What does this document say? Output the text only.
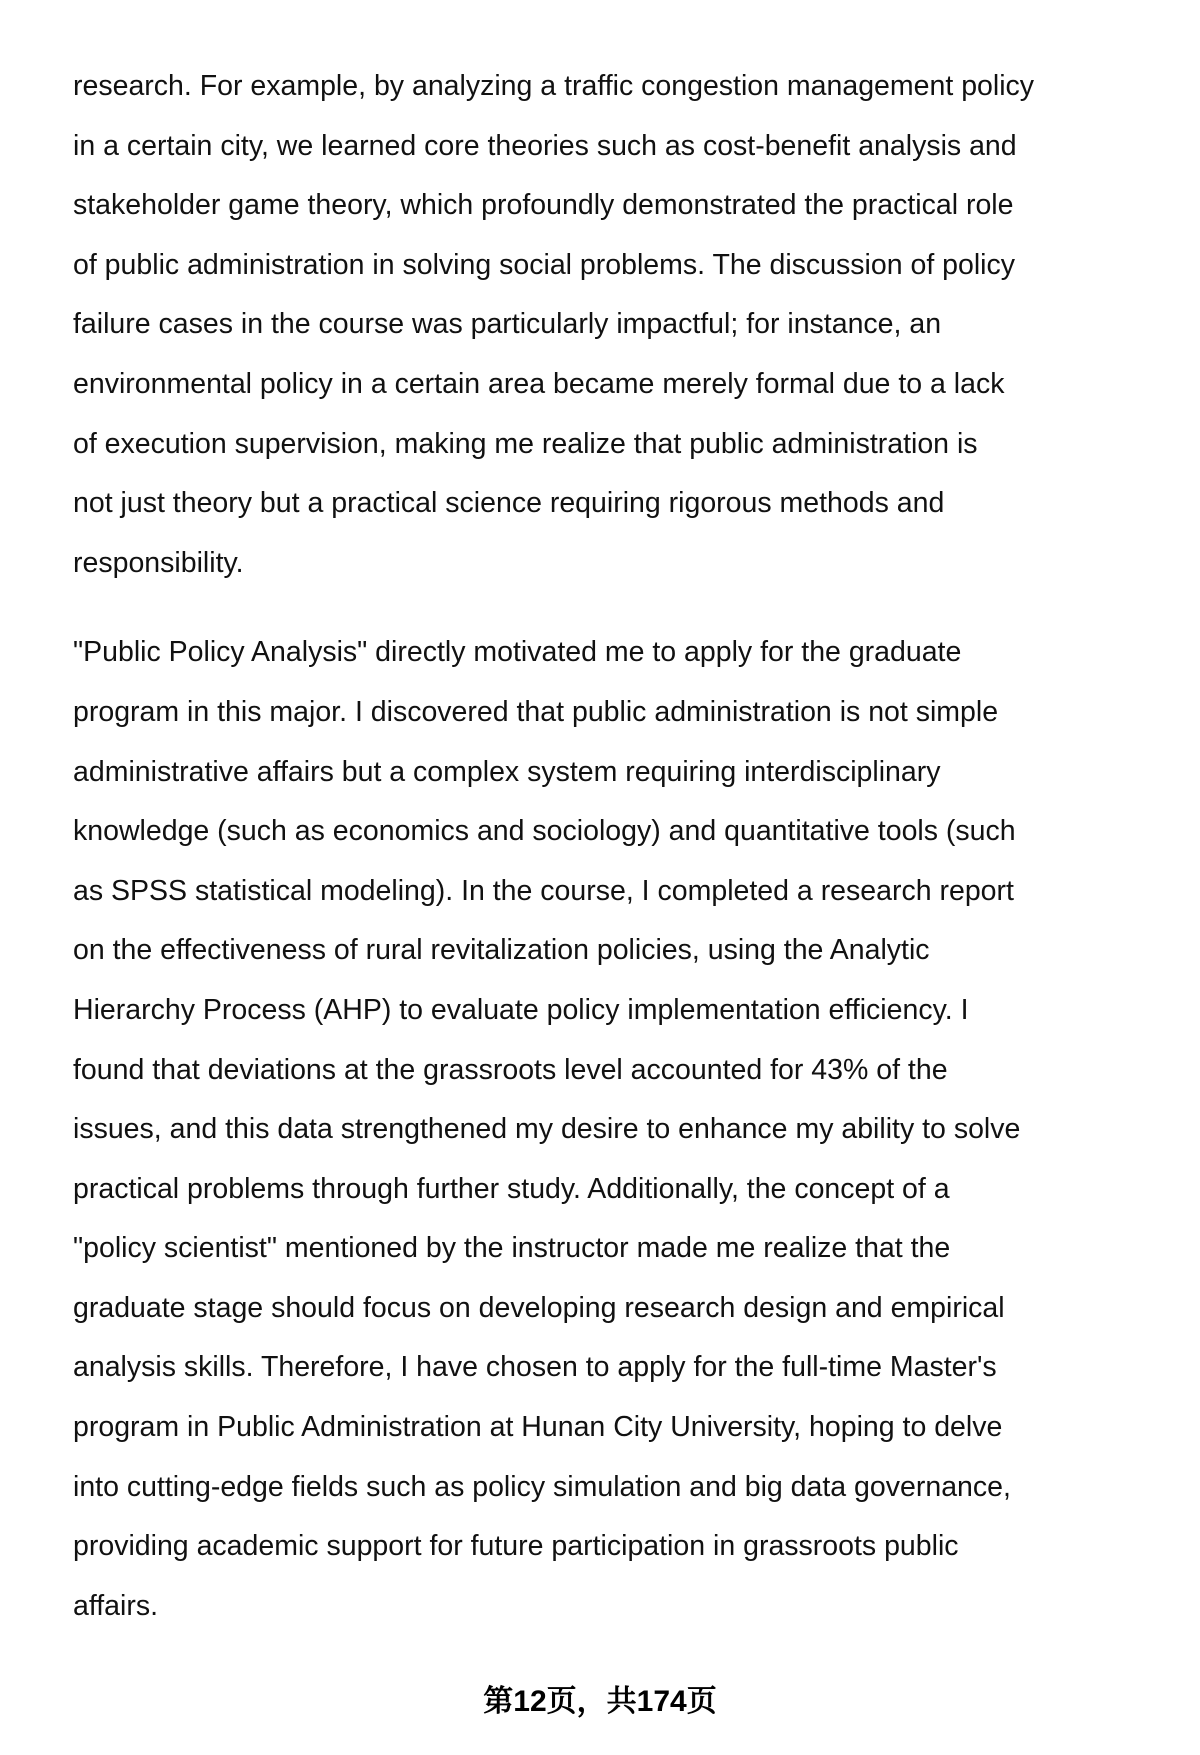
research. For example, by analyzing a traffic congestion management policy
in a certain city, we learned core theories such as cost-benefit analysis and
stakeholder game theory, which profoundly demonstrated the practical role
of public administration in solving social problems. The discussion of policy
failure cases in the course was particularly impactful; for instance, an
environmental policy in a certain area became merely formal due to a lack
of execution supervision, making me realize that public administration is
not just theory but a practical science requiring rigorous methods and
responsibility.
"Public Policy Analysis" directly motivated me to apply for the graduate
program in this major. I discovered that public administration is not simple
administrative affairs but a complex system requiring interdisciplinary
knowledge (such as economics and sociology) and quantitative tools (such
as SPSS statistical modeling). In the course, I completed a research report
on the effectiveness of rural revitalization policies, using the Analytic
Hierarchy Process (AHP) to evaluate policy implementation efficiency. I
found that deviations at the grassroots level accounted for 43% of the
issues, and this data strengthened my desire to enhance my ability to solve
practical problems through further study. Additionally, the concept of a
"policy scientist" mentioned by the instructor made me realize that the
graduate stage should focus on developing research design and empirical
analysis skills. Therefore, I have chosen to apply for the full-time Master's
program in Public Administration at Hunan City University, hoping to delve
into cutting-edge fields such as policy simulation and big data governance,
providing academic support for future participation in grassroots public
affairs.
第12页，共174页
